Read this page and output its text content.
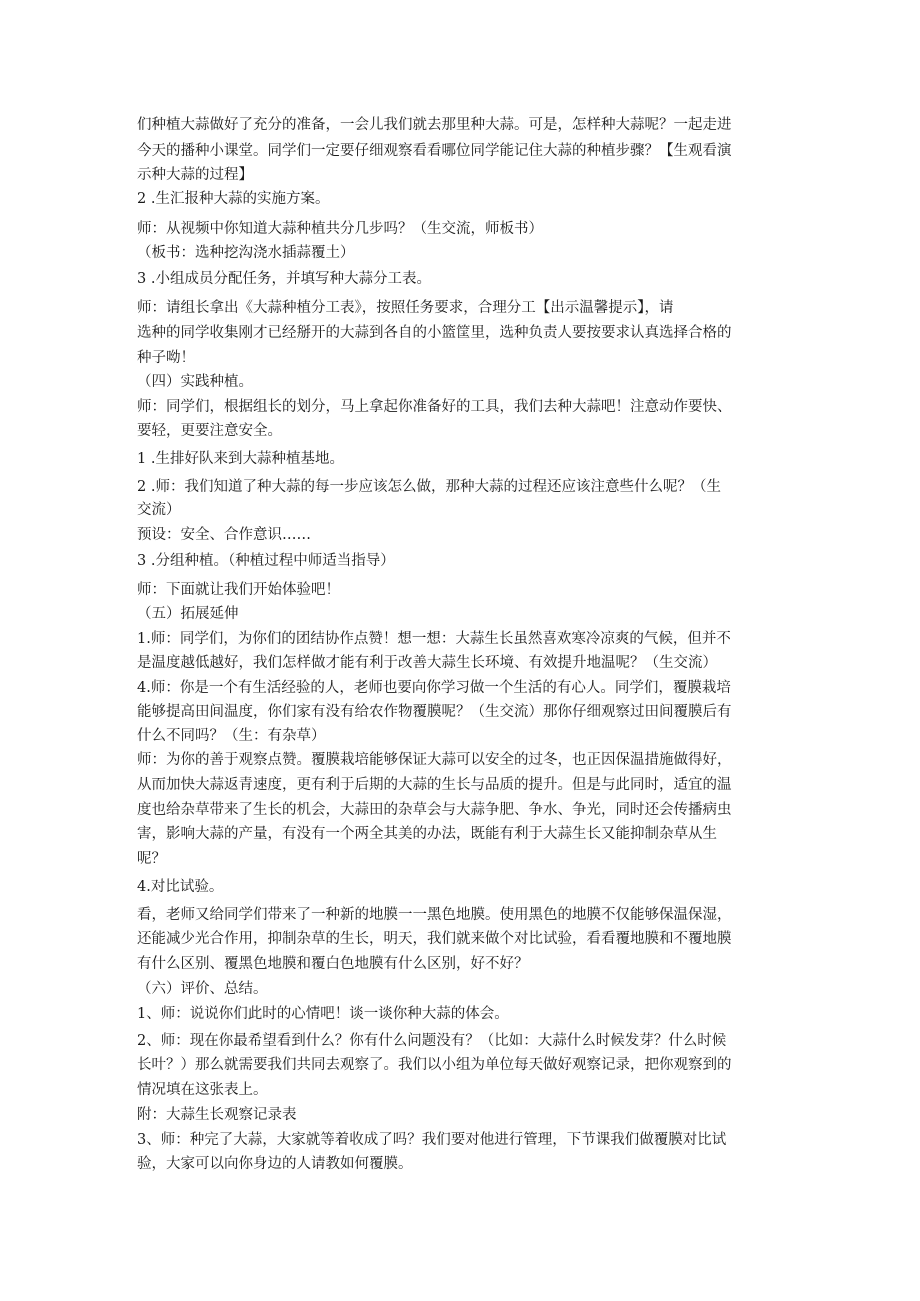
们种植大蒜做好了充分的准备，一会儿我们就去那里种大蒜。可是，怎样种大蒜呢？一起走进

今天的播种小课堂。同学们一定要仔细观察看看哪位同学能记住大蒜的种植步骤？【生观看演

示种大蒜的过程】

2 .生汇报种大蒜的实施方案。

师：从视频中你知道大蒜种植共分几步吗？（生交流，师板书）

（板书：选种挖沟浇水插蒜覆土）

3 .小组成员分配任务，并填写种大蒜分工表。

师：请组长拿出《大蒜种植分工表》，按照任务要求，合理分工【出示温馨提示】，请

选种的同学收集刚才已经掰开的大蒜到各自的小篮筐里，选种负责人要按要求认真选择合格的

种子呦！

（四）实践种植。

师：同学们，根据组长的划分，马上拿起你准备好的工具，我们去种大蒜吧！注意动作要快、

要轻，更要注意安全。

1 .生排好队来到大蒜种植基地。

2 .师：我们知道了种大蒜的每一步应该怎么做，那种大蒜的过程还应该注意些什么呢？（生

交流）

预设：安全、合作意识……

3 .分组种植。（种植过程中师适当指导）

师：下面就让我们开始体验吧！

（五）拓展延伸

1.师：同学们，为你们的团结协作点赞！想一想：大蒜生长虽然喜欢寒冷凉爽的气候，但并不

是温度越低越好，我们怎样做才能有利于改善大蒜生长环境、有效提升地温呢？（生交流）

4.师：你是一个有生活经验的人，老师也要向你学习做一个生活的有心人。同学们，覆膜栽培

能够提高田间温度，你们家有没有给农作物覆膜呢？（生交流）那你仔细观察过田间覆膜后有

什么不同吗？（生：有杂草）

师：为你的善于观察点赞。覆膜栽培能够保证大蒜可以安全的过冬，也正因保温措施做得好，

从而加快大蒜返青速度，更有利于后期的大蒜的生长与品质的提升。但是与此同时，适宜的温

度也给杂草带来了生长的机会，大蒜田的杂草会与大蒜争肥、争水、争光，同时还会传播病虫

害，影响大蒜的产量，有没有一个两全其美的办法，既能有利于大蒜生长又能抑制杂草从生

呢？

4.对比试验。

看，老师又给同学们带来了一种新的地膜一一黑色地膜。使用黑色的地膜不仅能够保温保湿，

还能减少光合作用，抑制杂草的生长，明天，我们就来做个对比试验，看看覆地膜和不覆地膜

有什么区别、覆黑色地膜和覆白色地膜有什么区别，好不好？

（六）评价、总结。

1、师：说说你们此时的心情吧！谈一谈你种大蒜的体会。

2、师：现在你最希望看到什么？你有什么问题没有？（比如：大蒜什么时候发芽？什么时候

长叶？）那么就需要我们共同去观察了。我们以小组为单位每天做好观察记录，把你观察到的

情况填在这张表上。

附：大蒜生长观察记录表

3、师：种完了大蒜，大家就等着收成了吗？我们要对他进行管理，下节课我们做覆膜对比试

验，大家可以向你身边的人请教如何覆膜。
